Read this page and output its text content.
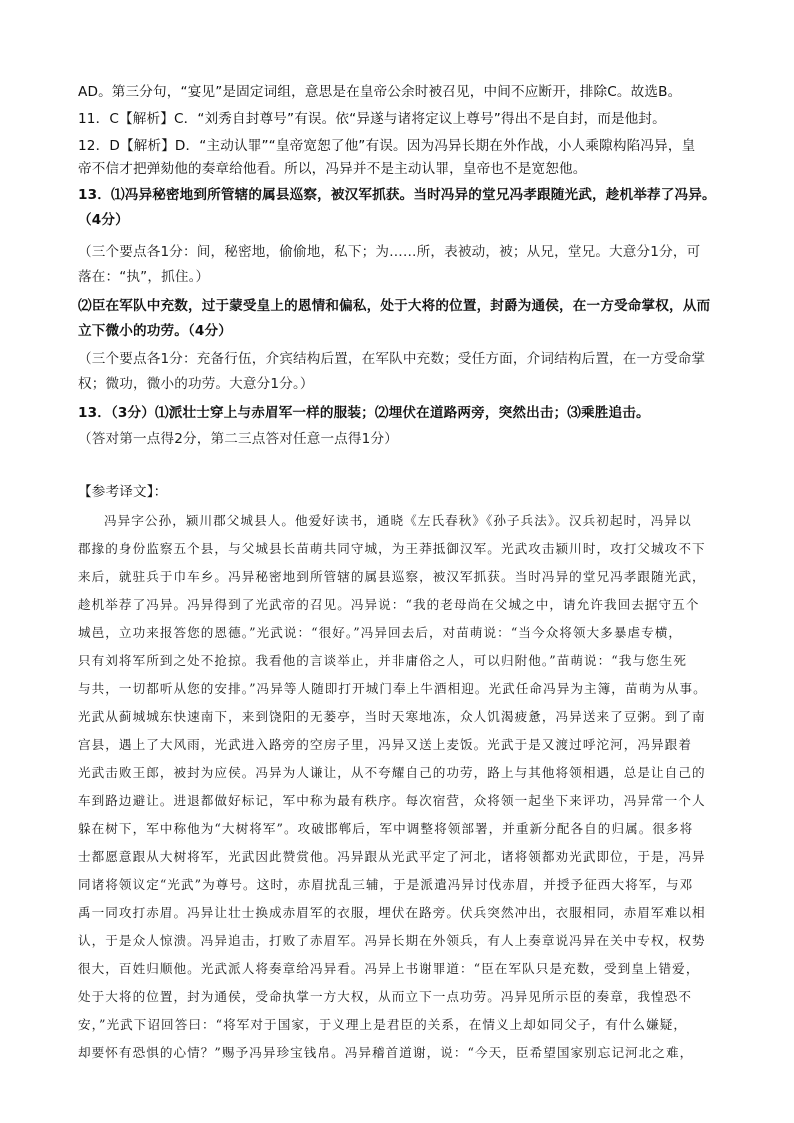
AD。第三分句，“宴见”是固定词组，意思是在皇帝公余时被召见，中间不应断开，排除C。故选B。
11．C【解析】C．“刘秀自封尊号”有误。依“异遂与诸将定议上尊号”得出不是自封，而是他封。
12．D【解析】D．“主动认罪”“皇帝宽恕了他”有误。因为冯异长期在外作战，小人乘隙构陷冯异，皇
帝不信才把弹劾他的奏章给他看。所以，冯异并不是主动认罪，皇帝也不是宽恕他。
13．⑴冯异秘密地到所管辖的属县巡察，被汉军抓获。当时冯异的堂兄冯孝跟随光武，趁机举荐了冯异。
（4分）
（三个要点各1分：间，秘密地，偷偷地，私下；为……所，表被动，被；从兄，堂兄。大意分1分，可
落在：“执”，抓住。）
⑵臣在军队中充数，过于蒙受皇上的恩情和偏私，处于大将的位置，封爵为通侯，在一方受命掌权，从而
立下微小的功劳。（4分）
（三个要点各1分：充备行伍，介宾结构后置，在军队中充数；受任方面，介词结构后置，在一方受命掌
权；微功，微小的功劳。大意分1分。）
13．（3分）⑴派壮士穿上与赤眉军一样的服装；⑵埋伏在道路两旁，突然出击；⑶乘胜追击。
（答对第一点得2分，第二三点答对任意一点得1分）
【参考译文】：
冯异字公孙，颍川郡父城县人。他爱好读书，通晓《左氏春秋》《孙子兵法》。汉兵初起时，冯异以
郡掾的身份监察五个县，与父城县长苗萌共同守城，为王莽抵御汉军。光武攻击颍川时，攻打父城攻不下
来后，就驻兵于巾车乡。冯异秘密地到所管辖的属县巡察，被汉军抓获。当时冯异的堂兄冯孝跟随光武，
趁机举荐了冯异。冯异得到了光武帝的召见。冯异说：“我的老母尚在父城之中，请允许我回去据守五个
城邑，立功来报答您的恩德。”光武说：“很好。”冯异回去后，对苗萌说：“当今众将领大多暴虐专横，
只有刘将军所到之处不抢掠。我看他的言谈举止，并非庸俗之人，可以归附他。”苗萌说：“我与您生死
与共，一切都听从您的安排。”冯异等人随即打开城门奉上牛酒相迎。光武任命冯异为主簿，苗萌为从事。
光武从蓟城城东快速南下，来到饶阳的无蒌亭，当时天寒地冻，众人饥渴疲惫，冯异送来了豆粥。到了南
宫县，遇上了大风雨，光武进入路旁的空房子里，冯异又送上麦饭。光武于是又渡过呼沱河，冯异跟着
光武击败王郎，被封为应侯。冯异为人谦让，从不夸耀自己的功劳，路上与其他将领相遇，总是让自己的
车到路边避让。进退都做好标记，军中称为最有秩序。每次宿营，众将领一起坐下来评功，冯异常一个人
躲在树下，军中称他为“大树将军”。攻破邯郸后，军中调整将领部署，并重新分配各自的归属。很多将
士都愿意跟从大树将军，光武因此赞赏他。冯异跟从光武平定了河北，诸将领都劝光武即位，于是，冯异
同诸将领议定“光武”为尊号。这时，赤眉扰乱三辅，于是派遣冯异讨伐赤眉，并授予征西大将军，与邓
禹一同攻打赤眉。冯异让壮士换成赤眉军的衣服，埋伏在路旁。伏兵突然冲出，衣服相同，赤眉军难以相
认，于是众人惊溃。冯异追击，打败了赤眉军。冯异长期在外领兵，有人上奏章说冯异在关中专权，权势
很大，百姓归顺他。光武派人将奏章给冯异看。冯异上书谢罪道：“臣在军队只是充数，受到皇上错爱，
处于大将的位置，封为通侯，受命执掌一方大权，从而立下一点功劳。冯异见所示臣的奏章，我惶恐不
安，”光武下诏回答曰：“将军对于国家，于义理上是君臣的关系，在情义上却如同父子，有什么嫌疑，
却要怀有恐惧的心情？”赐予冯异珍宝钱帛。冯异稽首道谢，说：“今天，臣希望国家别忘记河北之难，
